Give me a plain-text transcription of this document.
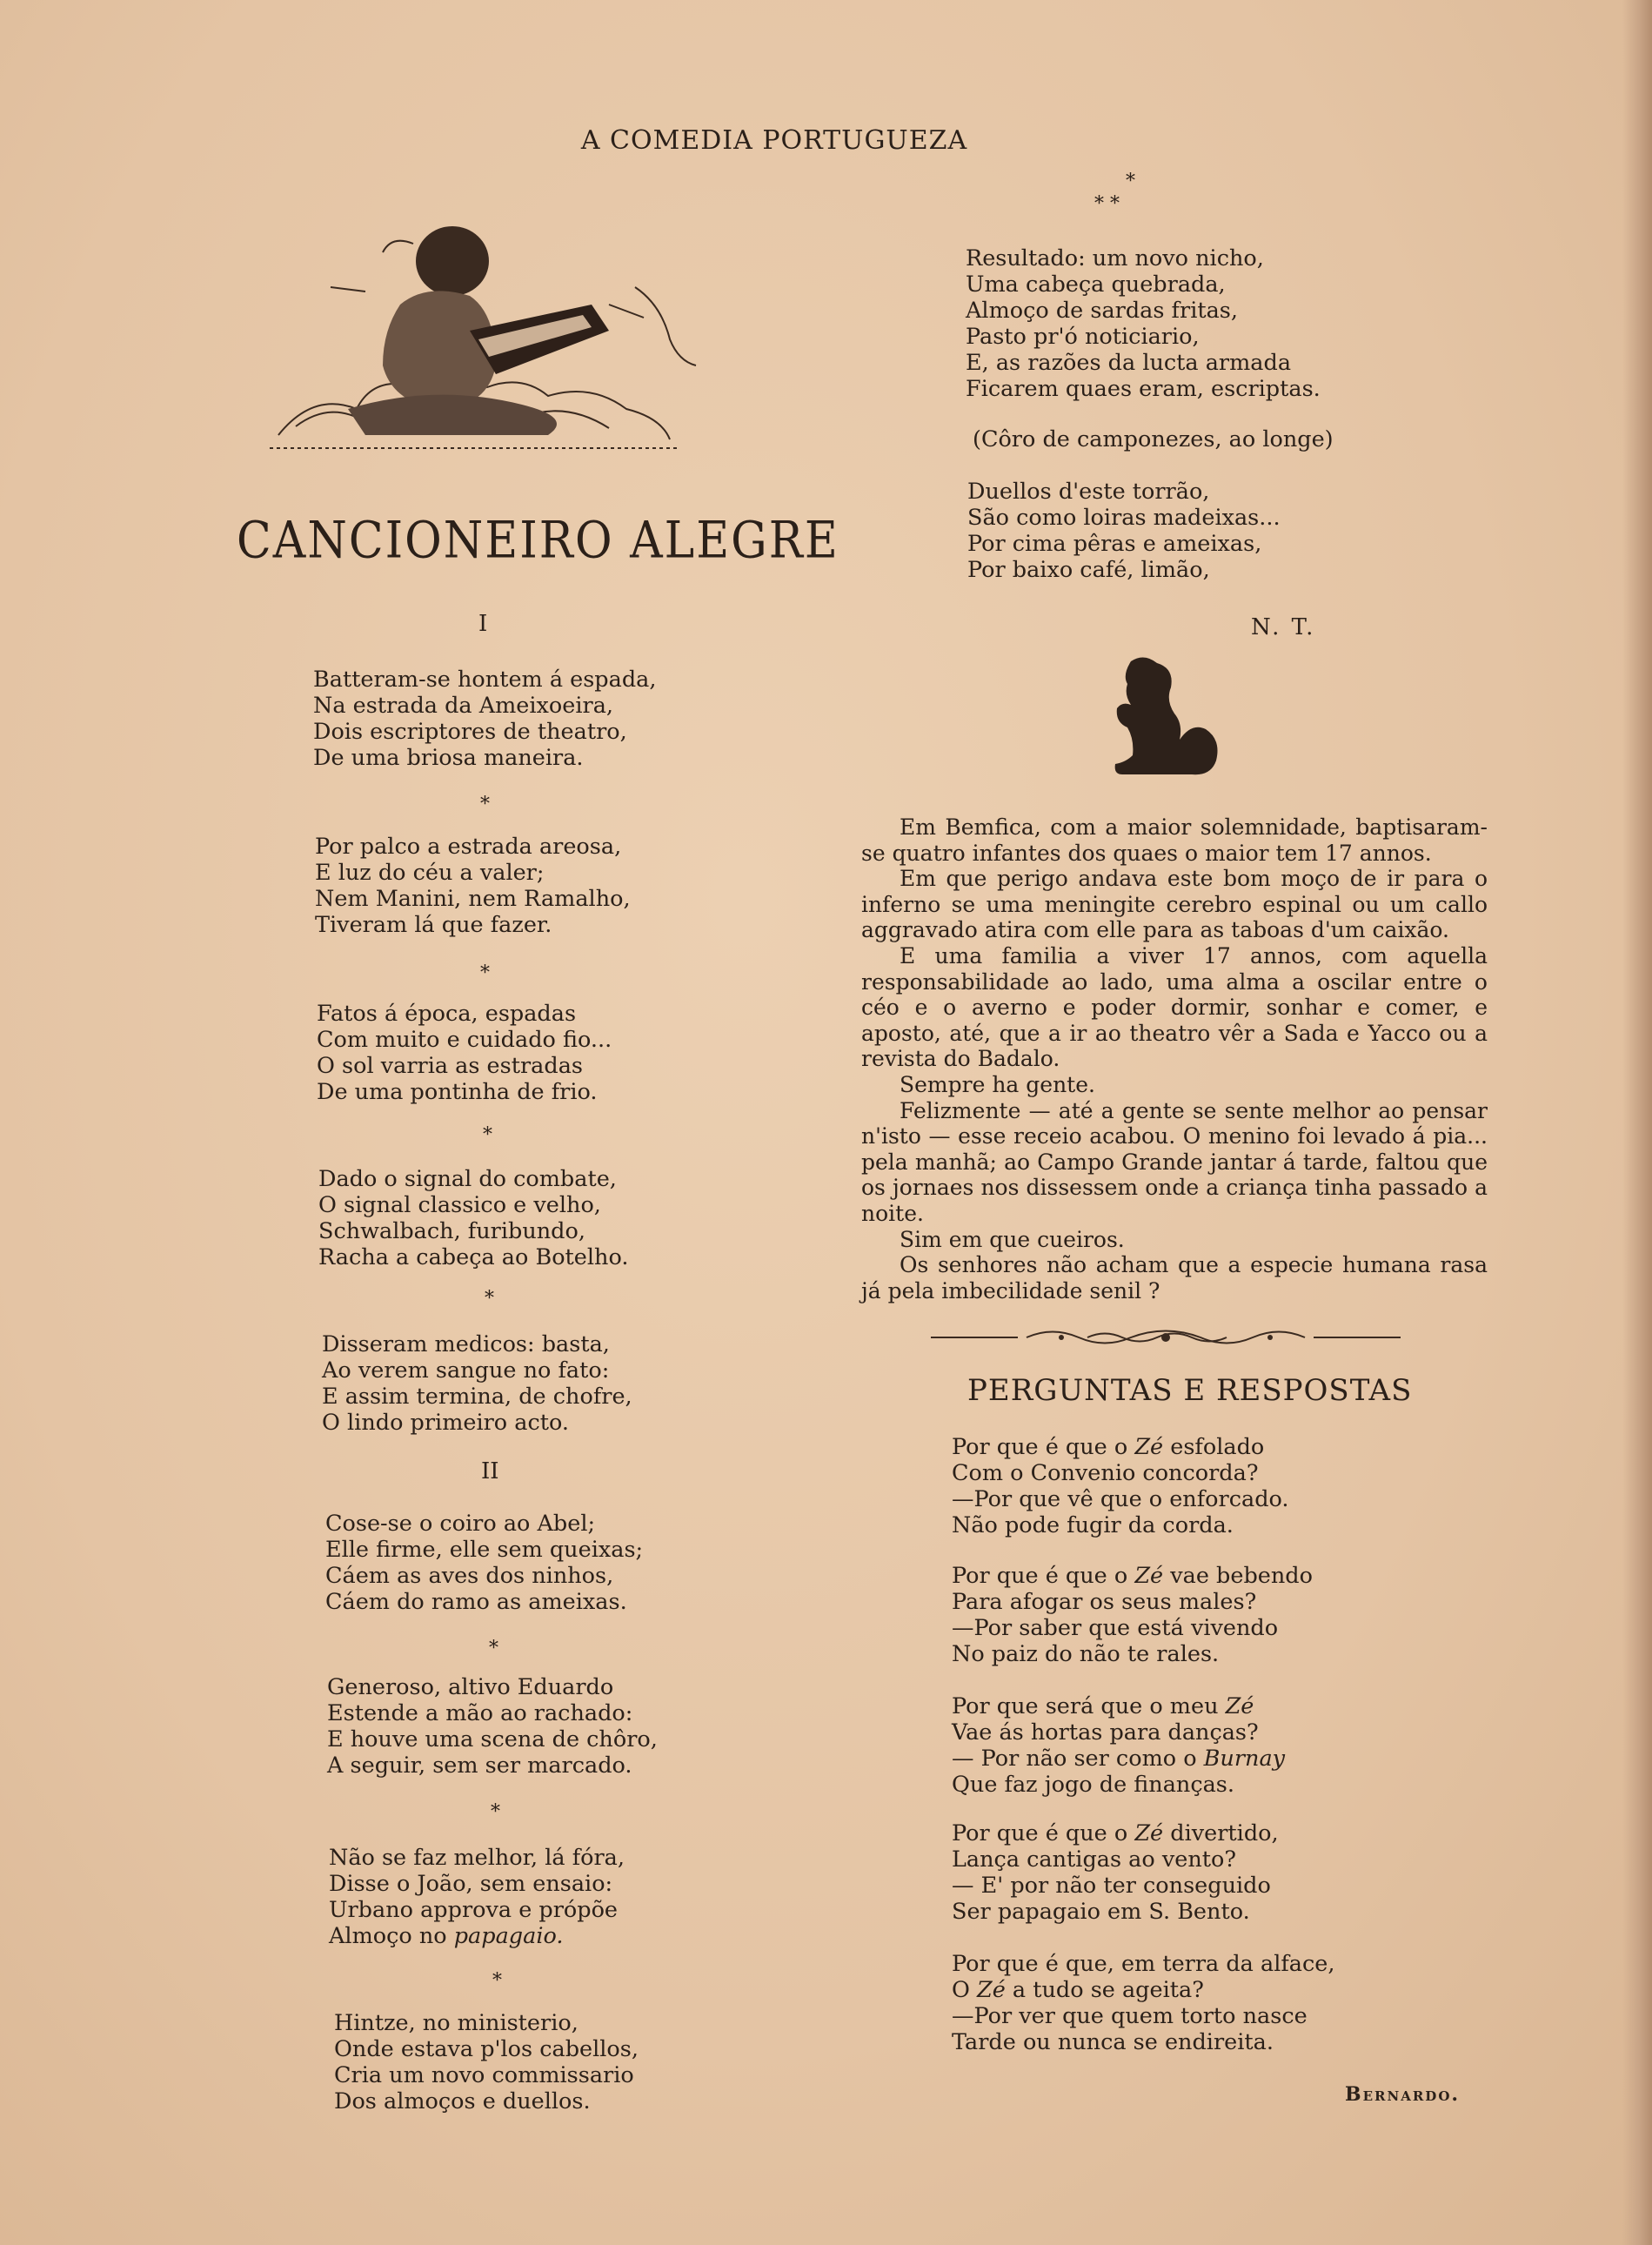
A COMEDIA PORTUGUEZA
CANCIONEIRO ALEGRE
I
Batteram-se hontem á espada,
Na estrada da Ameixoeira,
Dois escriptores de theatro,
De uma briosa maneira.
*
Por palco a estrada areosa,
E luz do céu a valer;
Nem Manini, nem Ramalho,
Tiveram lá que fazer.
*
Fatos á época, espadas
Com muito e cuidado fio...
O sol varria as estradas
De uma pontinha de frio.
*
Dado o signal do combate,
O signal classico e velho,
Schwalbach, furibundo,
Racha a cabeça ao Botelho.
*
Disseram medicos: basta,
Ao verem sangue no fato:
E assim termina, de chofre,
O lindo primeiro acto.
II
Cose-se o coiro ao Abel;
Elle firme, elle sem queixas;
Cáem as aves dos ninhos,
Cáem do ramo as ameixas.
*
Generoso, altivo Eduardo
Estende a mão ao rachado:
E houve uma scena de chôro,
A seguir, sem ser marcado.
*
Não se faz melhor, lá fóra,
Disse o João, sem ensaio:
Urbano approva e própõe
Almoço no papagaio.
*
Hintze, no ministerio,
Onde estava p'los cabellos,
Cria um novo commissario
Dos almoços e duellos.
*
* *
Resultado: um novo nicho,
Uma cabeça quebrada,
Almoço de sardas fritas,
Pasto pr'ó noticiario,
E, as razões da lucta armada
Ficarem quaes eram, escriptas.
(Côro de camponezes, ao longe)
Duellos d'este torrão,
São como loiras madeixas...
Por cima pêras e ameixas,
Por baixo café, limão,
N. T.

Em Bemfica, com a maior solemnidade, baptisaram-se quatro infantes dos quaes o maior tem 17 annos.

Em que perigo andava este bom moço de ir para o inferno se uma meningite cerebro espinal ou um callo aggravado atira com elle para as taboas d'um caixão.

E uma familia a viver 17 annos, com aquella responsabilidade ao lado, uma alma a oscilar entre o céo e o averno e poder dormir, sonhar e comer, e aposto, até, que a ir ao theatro vêr a Sada e Yacco ou a revista do Badalo.

Sempre ha gente.

Felizmente — até a gente se sente melhor ao pensar n'isto — esse receio acabou. O menino foi levado á pia... pela manhã; ao Campo Grande jantar á tarde, faltou que os jornaes nos dissessem onde a criança tinha passado a noite.

Sim em que cueiros.

Os senhores não acham que a especie humana rasa já pela imbecilidade senil ?

PERGUNTAS E RESPOSTAS
Por que é que o Zé esfolado
Com o Convenio concorda?
—Por que vê que o enforcado.
Não pode fugir da corda.
Por que é que o Zé vae bebendo
Para afogar os seus males?
—Por saber que está vivendo
No paiz do não te rales.
Por que será que o meu Zé
Vae ás hortas para danças?
— Por não ser como o Burnay
Que faz jogo de finanças.
Por que é que o Zé divertido,
Lança cantigas ao vento?
— E' por não ter conseguido
Ser papagaio em S. Bento.
Por que é que, em terra da alface,
O Zé a tudo se ageita?
—Por ver que quem torto nasce
Tarde ou nunca se endireita.
Bernardo.
